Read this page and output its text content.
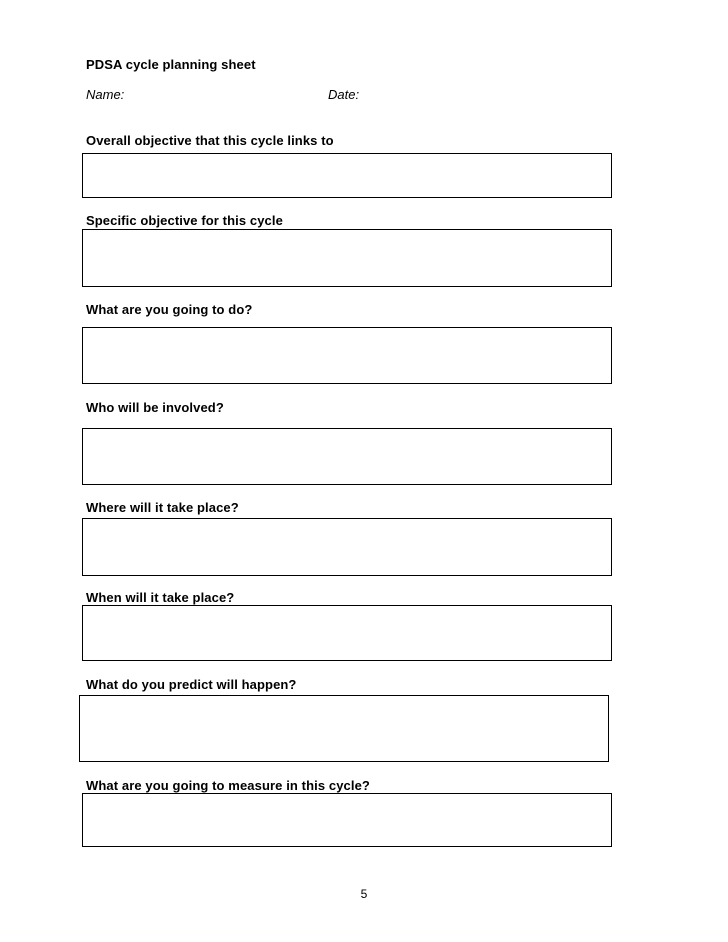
PDSA cycle planning sheet
Name:	Date:
Overall objective that this cycle links to
Specific objective for this cycle
What are you going to do?
Who will be involved?
Where will it take place?
When will it take place?
What do you predict will happen?
What are you going to measure in this cycle?
5
